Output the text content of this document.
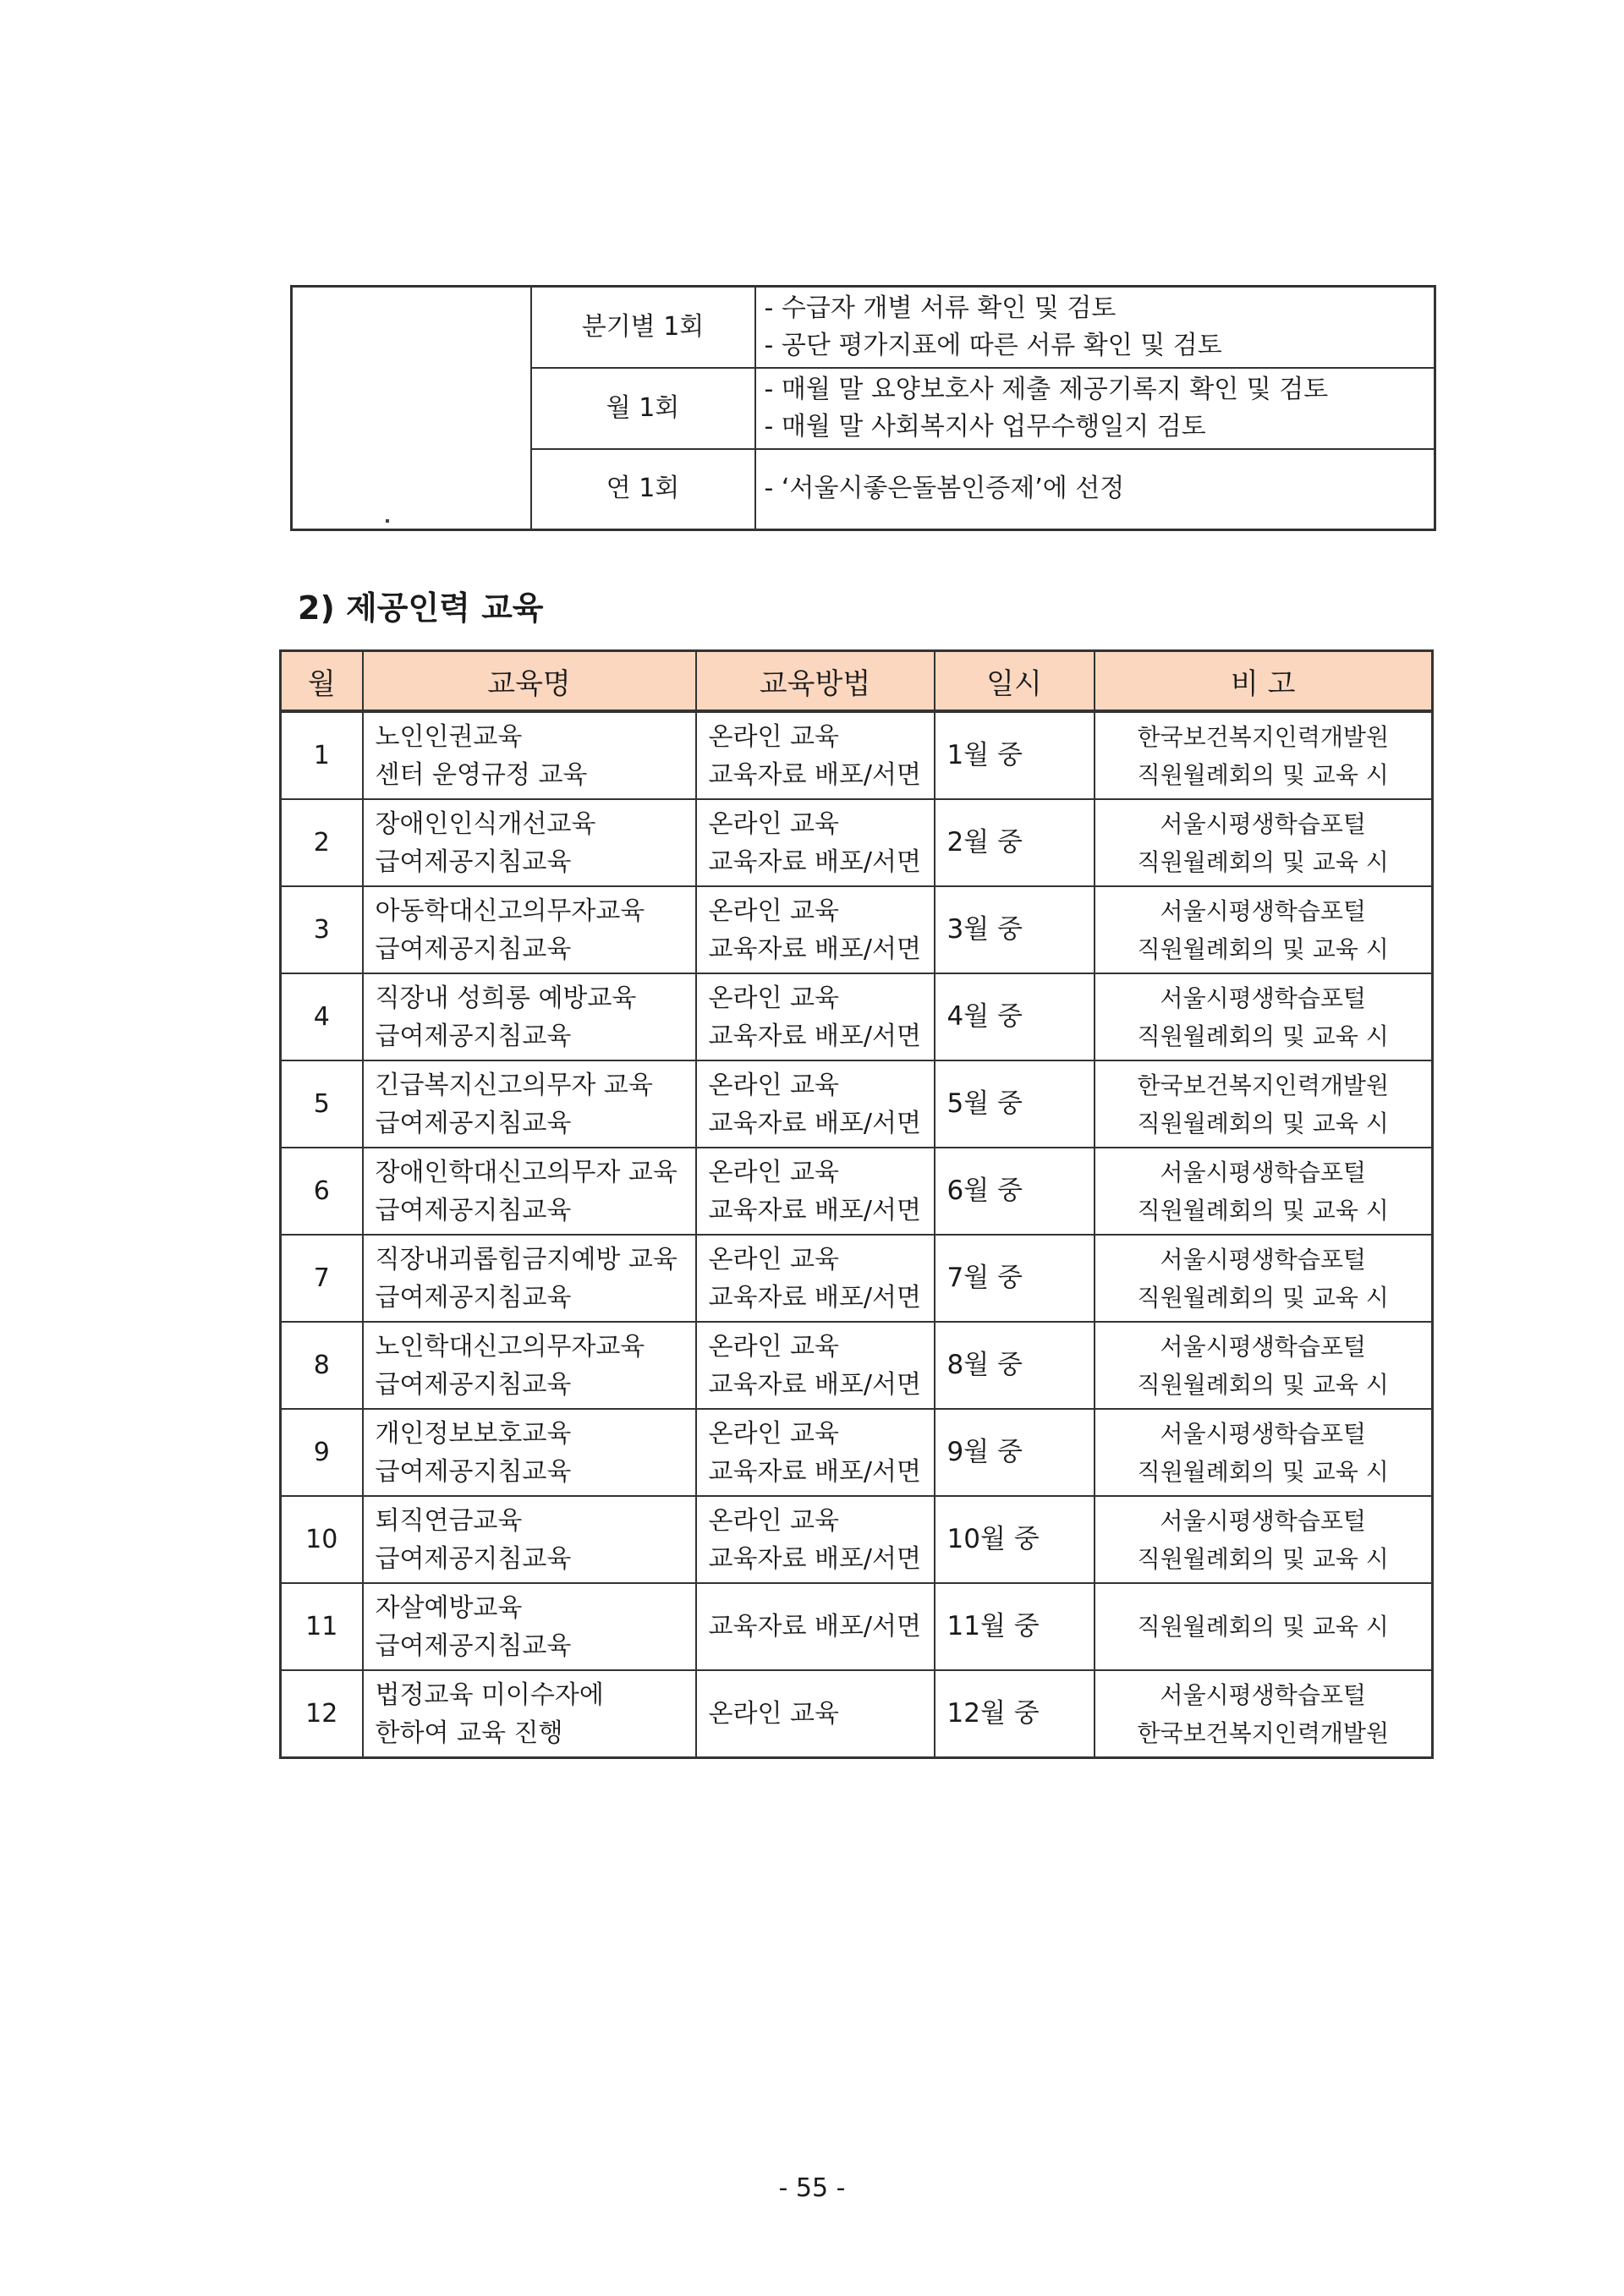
	분기별 1회	- 수급자 개별 서류 확인 및 검토
- 공단 평가지표에 따른 서류 확인 및 검토

	월 1회	- 매월 말 요양보호사 제출 제공기록지 확인 및 검토
- 매월 말 사회복지사 업무수행일지 검토

	연 1회	- ‘서울시좋은돌봄인증제’에 선정
2) 제공인력 교육
월	교육명	교육방법	일시	비 고
1	노인인권교육
센터 운영규정 교육	온라인 교육
교육자료 배포/서면	1월 중	한국보건복지인력개발원
직원월례회의 및 교육 시

2	장애인인식개선교육
급여제공지침교육	온라인 교육
교육자료 배포/서면	2월 중	서울시평생학습포털
직원월례회의 및 교육 시

3	아동학대신고의무자교육
급여제공지침교육	온라인 교육
교육자료 배포/서면	3월 중	서울시평생학습포털
직원월례회의 및 교육 시

4	직장내 성희롱 예방교육
급여제공지침교육	온라인 교육
교육자료 배포/서면	4월 중	서울시평생학습포털
직원월례회의 및 교육 시

5	긴급복지신고의무자 교육
급여제공지침교육	온라인 교육
교육자료 배포/서면	5월 중	한국보건복지인력개발원
직원월례회의 및 교육 시

6	장애인학대신고의무자 교육
급여제공지침교육	온라인 교육
교육자료 배포/서면	6월 중	서울시평생학습포털
직원월례회의 및 교육 시

7	직장내괴롭힘금지예방 교육
급여제공지침교육	온라인 교육
교육자료 배포/서면	7월 중	서울시평생학습포털
직원월례회의 및 교육 시

8	노인학대신고의무자교육
급여제공지침교육	온라인 교육
교육자료 배포/서면	8월 중	서울시평생학습포털
직원월례회의 및 교육 시

9	개인정보보호교육
급여제공지침교육	온라인 교육
교육자료 배포/서면	9월 중	서울시평생학습포털
직원월례회의 및 교육 시

10	퇴직연금교육
급여제공지침교육	온라인 교육
교육자료 배포/서면	10월 중	서울시평생학습포털
직원월례회의 및 교육 시

11	자살예방교육
급여제공지침교육	교육자료 배포/서면	11월 중	직원월례회의 및 교육 시

12	법정교육 미이수자에
한하여 교육 진행	온라인 교육	12월 중	서울시평생학습포털
한국보건복지인력개발원
- 55 -
